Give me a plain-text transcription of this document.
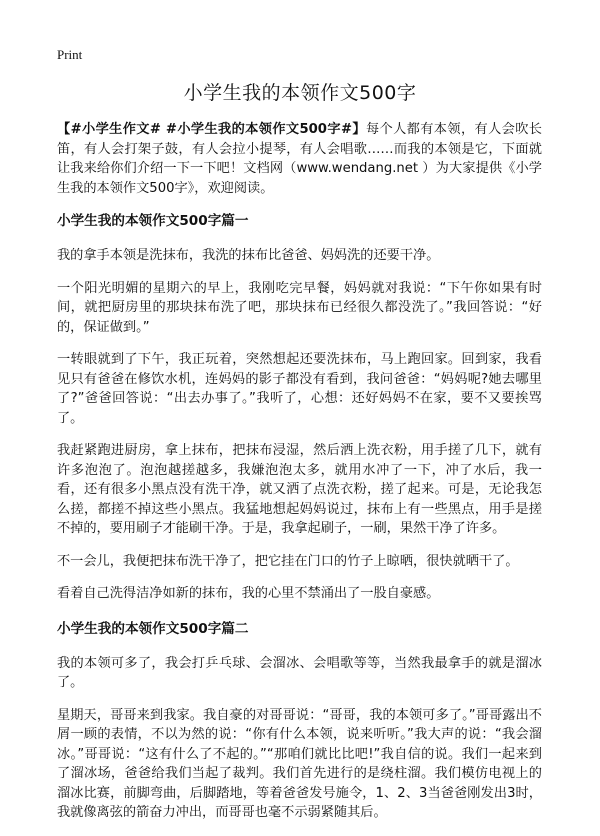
Print
小学生我的本领作文500字

【#小学生作文# #小学生我的本领作文500字#】每个人都有本领，有人会吹长笛，有人会打架子鼓，有人会拉小提琴，有人会唱歌……而我的本领是它，下面就让我来给你们介绍一下一下吧！文档网（www.wendang.net ）为大家提供《小学生我的本领作文500字》，欢迎阅读。

小学生我的本领作文500字篇一

我的拿手本领是洗抹布，我洗的抹布比爸爸、妈妈洗的还要干净。

一个阳光明媚的星期六的早上，我刚吃完早餐，妈妈就对我说：“下午你如果有时间，就把厨房里的那块抹布洗了吧，那块抹布已经很久都没洗了。”我回答说：“好的，保证做到。”

一转眼就到了下午，我正玩着，突然想起还要洗抹布，马上跑回家。回到家，我看见只有爸爸在修饮水机，连妈妈的影子都没有看到，我问爸爸：“妈妈呢?她去哪里了?”爸爸回答说：“出去办事了。”我听了，心想：还好妈妈不在家，要不又要挨骂了。

我赶紧跑进厨房，拿上抹布，把抹布浸湿，然后洒上洗衣粉，用手搓了几下，就有许多泡泡了。泡泡越搓越多，我嫌泡泡太多，就用水冲了一下，冲了水后，我一看，还有很多小黑点没有洗干净，就又洒了点洗衣粉，搓了起来。可是，无论我怎么搓，都搓不掉这些小黑点。我猛地想起妈妈说过，抹布上有一些黑点，用手是搓不掉的，要用刷子才能刷干净。于是，我拿起刷子，一刷，果然干净了许多。

不一会儿，我便把抹布洗干净了，把它挂在门口的竹子上晾晒，很快就晒干了。

看着自己洗得洁净如新的抹布，我的心里不禁涌出了一股自豪感。

小学生我的本领作文500字篇二

我的本领可多了，我会打乒乓球、会溜冰、会唱歌等等，当然我最拿手的就是溜冰了。

星期天，哥哥来到我家。我自豪的对哥哥说：“哥哥，我的本领可多了。”哥哥露出不屑一顾的表情，不以为然的说：“你有什么本领，说来听听。”我大声的说：“我会溜冰。”哥哥说：“这有什么了不起的。”“那咱们就比比吧!”我自信的说。我们一起来到了溜冰场，爸爸给我们当起了裁判。我们首先进行的是绕柱溜。我们模仿电视上的溜冰比赛，前脚弯曲，后脚踏地，等着爸爸发号施令，1、2、3当爸爸刚发出3时，我就像离弦的箭奋力冲出，而哥哥也毫不示弱紧随其后。
